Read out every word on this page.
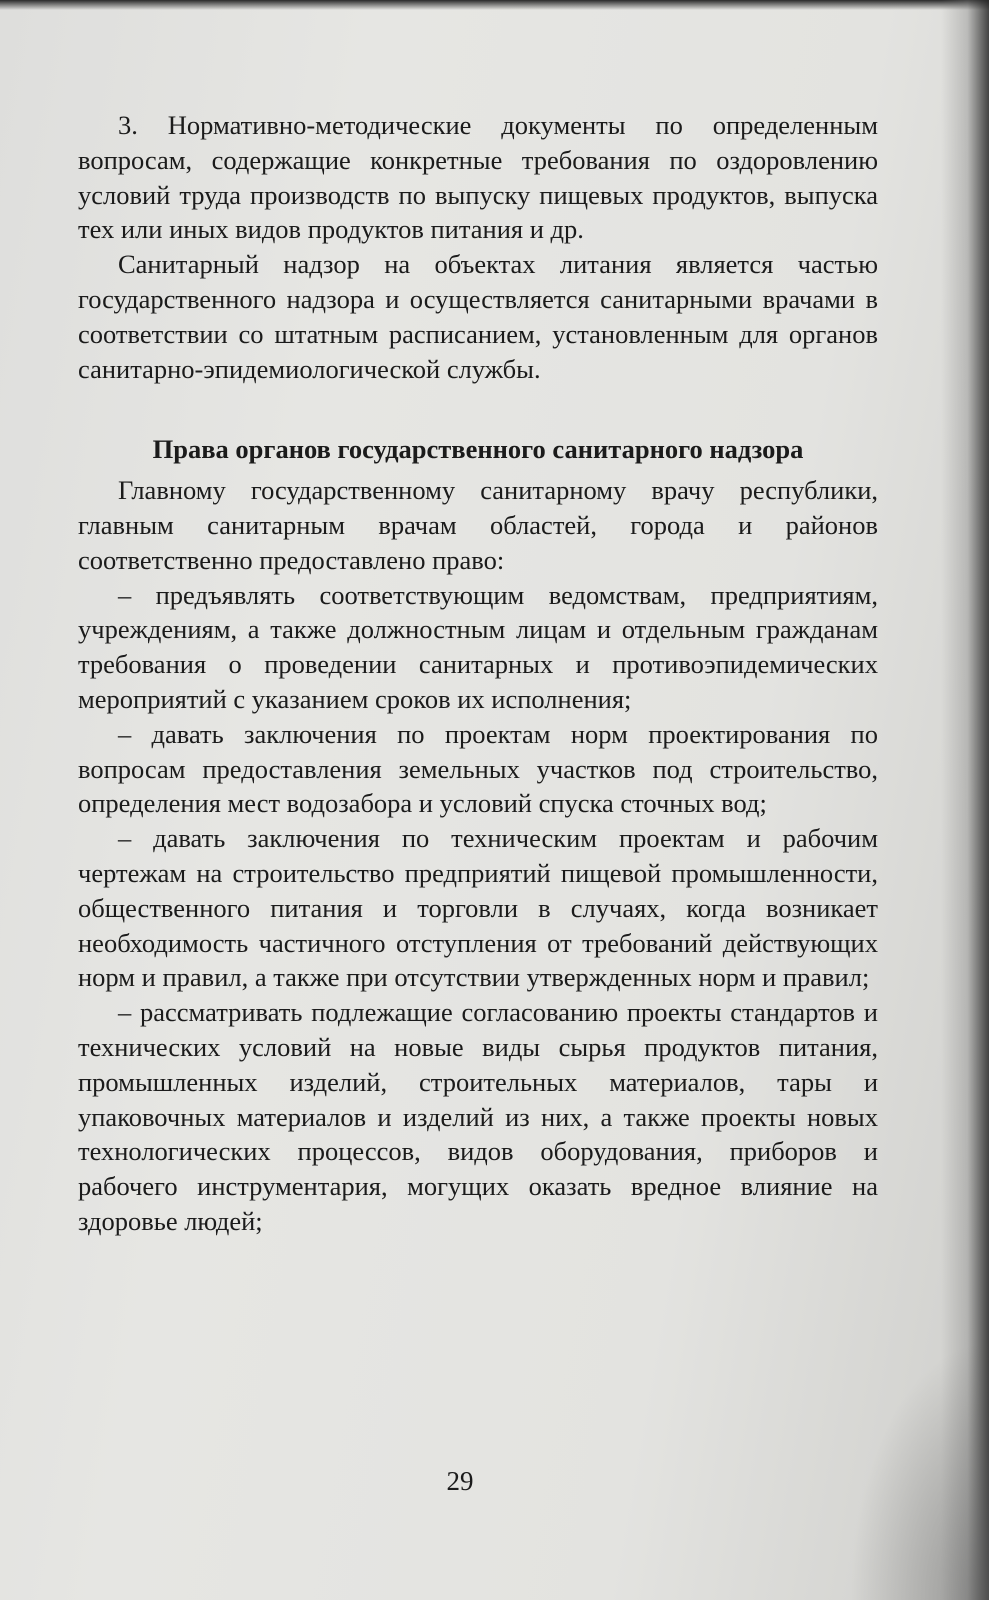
3. Нормативно-методические документы по определенным вопросам, содержащие конкретные требования по оздоровлению условий труда производств по выпуску пищевых продуктов, выпуска тех или иных видов продуктов питания и др.

Санитарный надзор на объектах литания является частью государственного надзора и осуществляется санитарными врачами в соответствии со штатным расписанием, установленным для органов санитарно-эпидемиологической службы.

Права органов государственного санитарного надзора

Главному государственному санитарному врачу республики, главным санитарным врачам областей, города и районов соответственно предоставлено право:

– предъявлять соответствующим ведомствам, предприятиям, учреждениям, а также должностным лицам и отдельным гражданам требования о проведении санитарных и противоэпидемических мероприятий с указанием сроков их исполнения;

– давать заключения по проектам норм проектирования по вопросам предоставления земельных участков под строительство, определения мест водозабора и условий спуска сточных вод;

– давать заключения по техническим проектам и рабочим чертежам на строительство предприятий пищевой промышленности, общественного питания и торговли в случаях, когда возникает необходимость частичного отступления от требований действующих норм и правил, а также при отсутствии утвержденных норм и правил;

– рассматривать подлежащие согласованию проекты стандартов и технических условий на новые виды сырья продуктов питания, промышленных изделий, строительных материалов, тары и упаковочных материалов и изделий из них, а также проекты новых технологических процессов, видов оборудования, приборов и рабочего инструментария, могущих оказать вредное влияние на здоровье людей;

29
